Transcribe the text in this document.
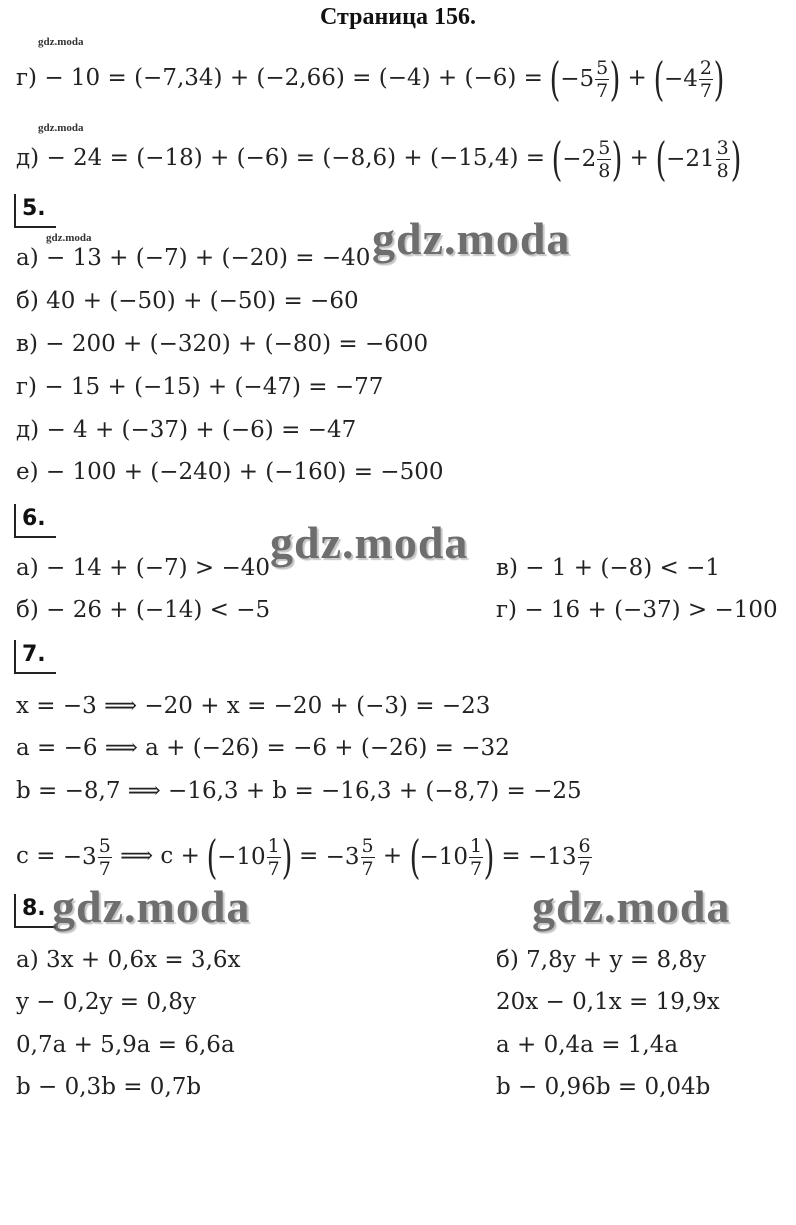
Страница 156.
gdz.moda
gdz.moda
gdz.moda
$г) - 10 = (-7,34) + (-2,66) = (-4) + (-6) = (-5 \frac{5}{7}$ ) + ($-4 \frac{2}{7}$ )
$д) - 24 = (-18) + (-6) = (-8,6) + (-15,4) = (-2 \frac{5}{8}$ ) + ($-21 \frac{3}{8}$ )
5.
gdz.moda
а) − 13 + (−7) + (−20) = −40
б) 40 + (−50) + (−50) = −60
в) − 200 + (−320) + (−80) = −600
г) − 15 + (−15) + (−47) = −77
д) − 4 + (−37) + (−6) = −47
е) − 100 + (−240) + (−160) = −500
6.	gdz.moda
а) − 14 + (−7) > −40
б) − 26 + (−14) < −5
в) − 1 + (−8) < −1
г) − 16 + (−37) > −100
7.
x = −3 ⟹ −20 + x = −20 + (−3) = −23
a = −6 ⟹ a + (−26) = −6 + (−26) = −32
b = −8,7 ⟹ −16,3 + b = −16,3 + (−8,7) = −25
$c = -3 \frac{5}{7}$ ⟹ $c + (-10 \frac{1}{7}$ ) = $-3 \frac{5}{7} + (-10 \frac{1}{7}$ ) = $-13 \frac{6}{7}$
8. gdz.moda	gdz.moda
а) 3x + 0,6x = 3,6x
y − 0,2y = 0,8y
0,7a + 5,9a = 6,6a
b − 0,3b = 0,7b
б) 7,8y + y = 8,8y
20x − 0,1x = 19,9x
a + 0,4a = 1,4a
b − 0,96b = 0,04b
